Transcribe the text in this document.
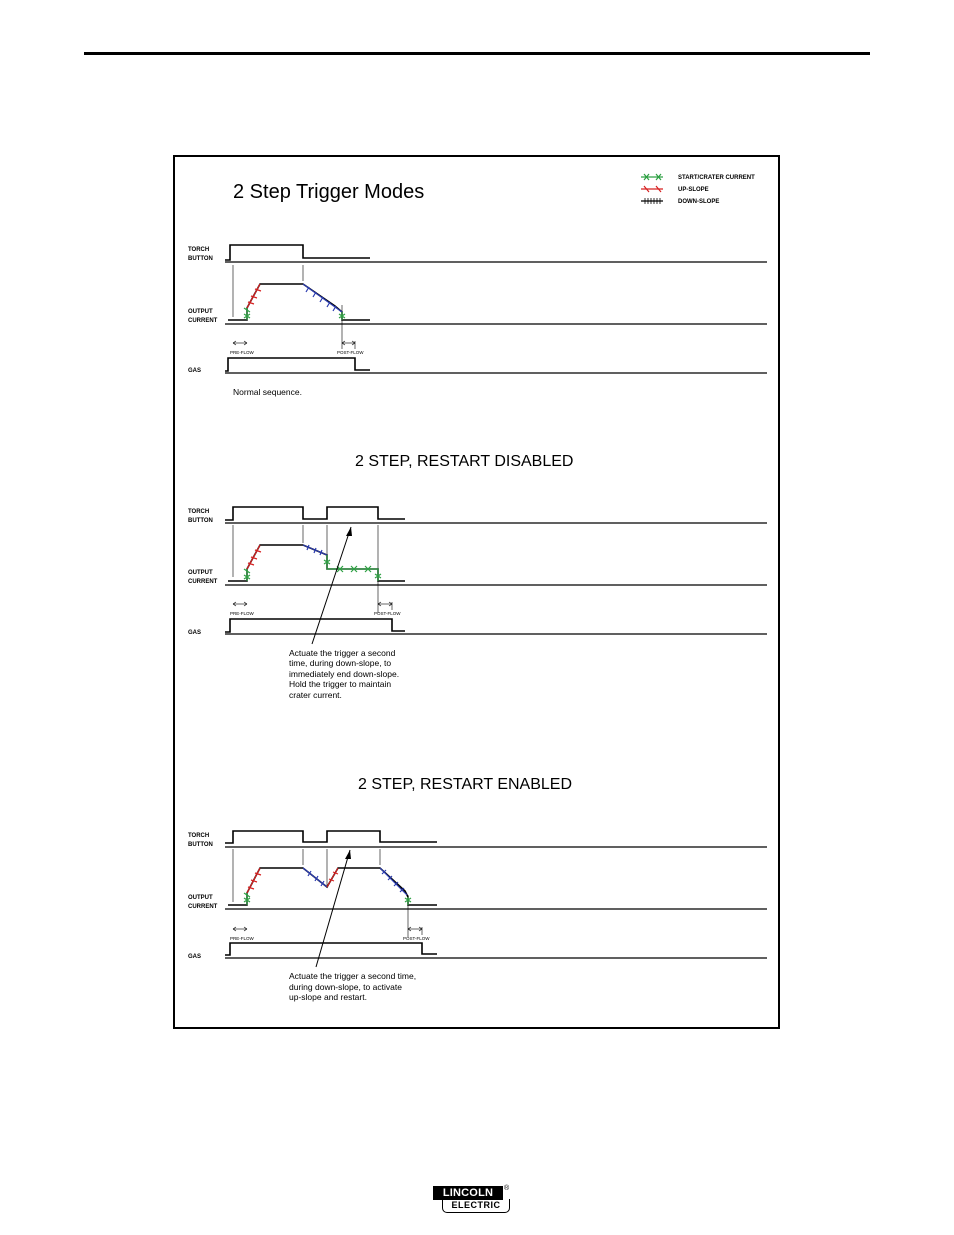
2 Step Trigger Modes
START/CRATER CURRENT
UP-SLOPE
DOWN-SLOPE
TORCH
BUTTON
OUTPUT
CURRENT
PRE-FLOW	POST-FLOW
GAS
Normal sequence.
2 STEP, RESTART DISABLED
TORCH
BUTTON
OUTPUT
CURRENT
PRE-FLOW	POST-FLOW
GAS
Actuate the trigger a second
time, during down-slope, to
immediately end down-slope.
Hold the trigger to maintain
crater current.
2 STEP, RESTART ENABLED
TORCH
BUTTON
OUTPUT
CURRENT
PRE-FLOW	POST-FLOW
GAS
Actuate the trigger a second time,
during down-slope, to activate
up-slope and restart.
LINCOLN	®
ELECTRIC
